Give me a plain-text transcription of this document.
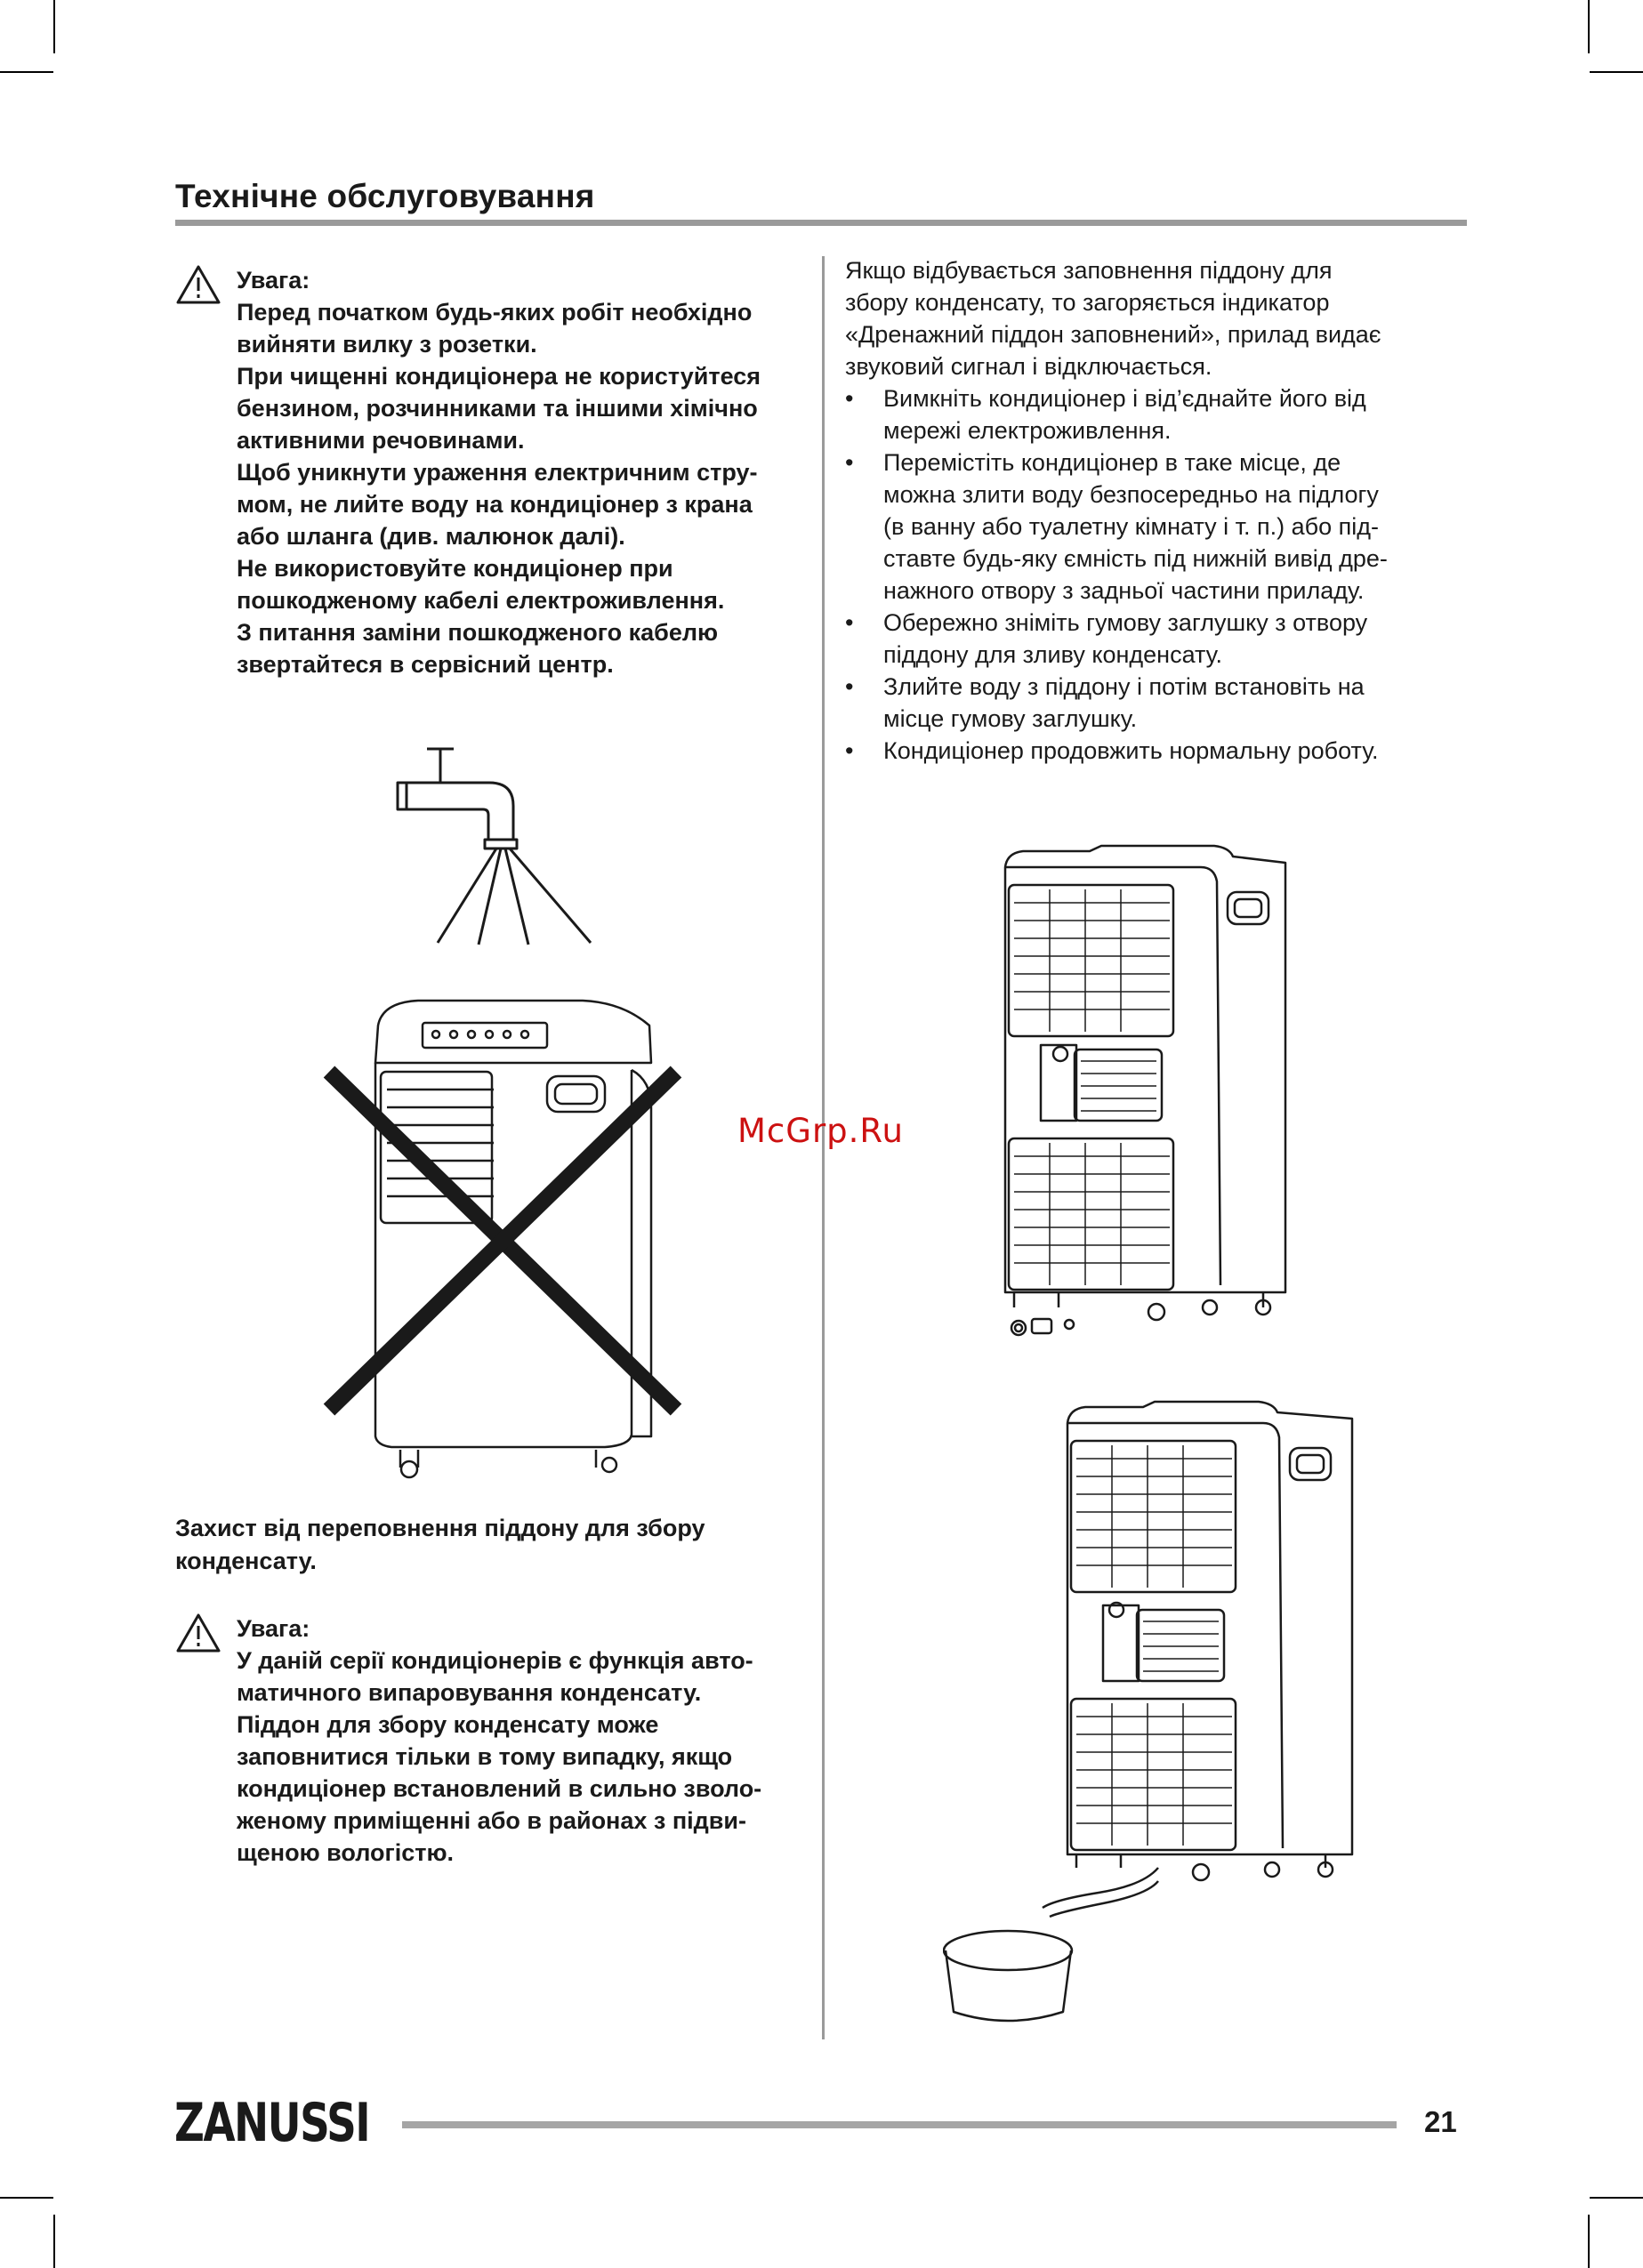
Технічне обслуговування
Увага:
Перед початком будь-яких робіт необхідно
вийняти вилку з розетки.
При чищенні кондиціонера не користуйтеся
бензином, розчинниками та іншими хімічно
активними речовинами.
Щоб уникнути ураження електричним стру-
мом, не лийте воду на кондиціонер з крана
або шланга (див. малюнок далі).
Не використовуйте кондиціонер при
пошкодженому кабелі електроживлення.
З питання заміни пошкодженого кабелю
звертайтеся в сервісний центр.
Захист від переповнення піддону для збору
конденсату.
Увага:
У даній серії кондиціонерів є функція авто-
матичного випаровування конденсату.
Піддон для збору конденсату може
заповнитися тільки в тому випадку, якщо
кондиціонер встановлений в сильно зволо-
женому приміщенні або в районах з підви-
щеною вологістю.
Якщо відбувається заповнення піддону для
збору конденсату, то загоряється індикатор
«Дренажний піддон заповнений», прилад видає
звуковий сигнал і відключається.
• Вимкніть кондиціонер і від’єднайте його від
мережі електроживлення.
• Перемістіть кондиціонер в таке місце, де
можна злити воду безпосередньо на підлогу
(в ванну або туалетну кімнату і т. п.) або під-
ставте будь-яку ємність під нижній вивід дре-
нажного отвору з задньої частини приладу.
• Обережно зніміть гумову заглушку з отвору
піддону для зливу конденсату.
• Злийте воду з піддону і потім встановіть на
місце гумову заглушку.
• Кондиціонер продовжить нормальну роботу.
McGrp.Ru
ZANUSSI	21
